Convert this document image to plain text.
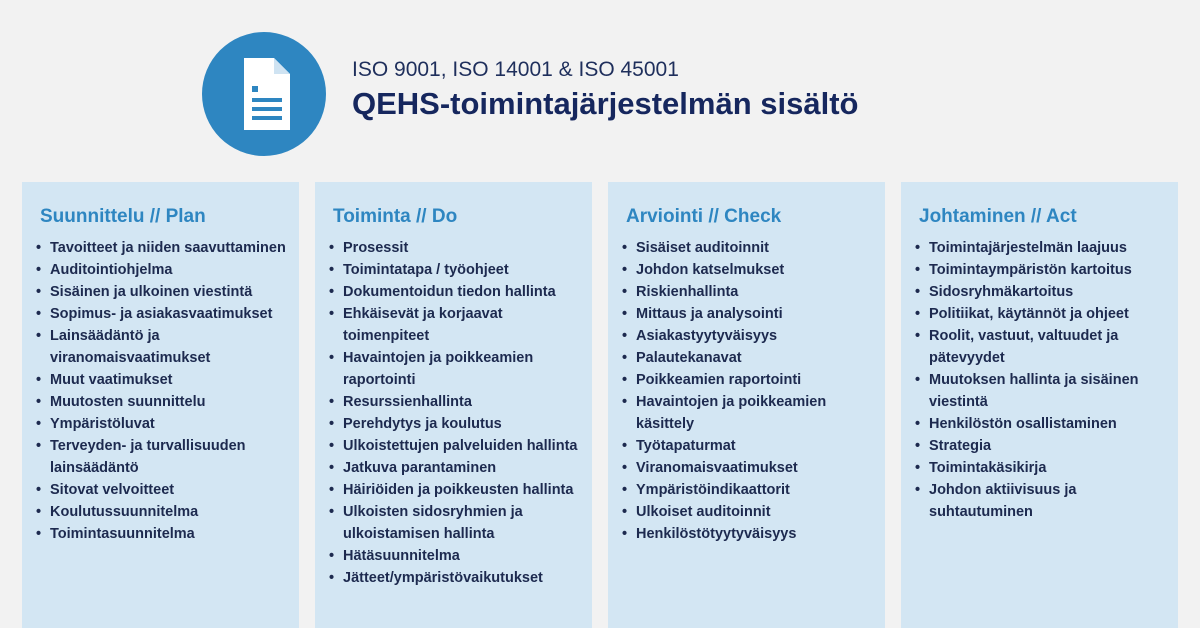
ISO 9001, ISO 14001 & ISO 45001
QEHS-toimintajärjestelmän sisältö
Suunnittelu // Plan
• Tavoitteet ja niiden saavuttaminen
• Auditointiohjelma
• Sisäinen ja ulkoinen viestintä
• Sopimus- ja asiakasvaatimukset
• Lainsäädäntö ja viranomaisvaatimukset
• Muut vaatimukset
• Muutosten suunnittelu
• Ympäristöluvat
• Terveyden- ja turvallisuuden lainsäädäntö
• Sitovat velvoitteet
• Koulutussuunnitelma
• Toimintasuunnitelma
Toiminta // Do
• Prosessit
• Toimintatapa / työohjeet
• Dokumentoidun tiedon hallinta
• Ehkäisevät ja korjaavat toimenpiteet
• Havaintojen ja poikkeamien raportointi
• Resurssienhallinta
• Perehdytys ja koulutus
• Ulkoistettujen palveluiden hallinta
• Jatkuva parantaminen
• Häiriöiden ja poikkeusten hallinta
• Ulkoisten sidosryhmien ja ulkoistamisen hallinta
• Hätäsuunnitelma
• Jätteet/ympäristövaikutukset
Arviointi // Check
• Sisäiset auditoinnit
• Johdon katselmukset
• Riskienhallinta
• Mittaus ja analysointi
• Asiakastyytyväisyys
• Palautekanavat
• Poikkeamien raportointi
• Havaintojen ja poikkeamien käsittely
• Työtapaturmat
• Viranomaisvaatimukset
• Ympäristöindikaattorit
• Ulkoiset auditoinnit
• Henkilöstötyytyväisyys
Johtaminen // Act
• Toimintajärjestelmän laajuus
• Toimintaympäristön kartoitus
• Sidosryhmäkartoitus
• Politiikat, käytännöt ja ohjeet
• Roolit, vastuut, valtuudet ja pätevyydet
• Muutoksen hallinta ja sisäinen viestintä
• Henkilöstön osallistaminen
• Strategia
• Toimintakäsikirja
• Johdon aktiivisuus ja suhtautuminen
